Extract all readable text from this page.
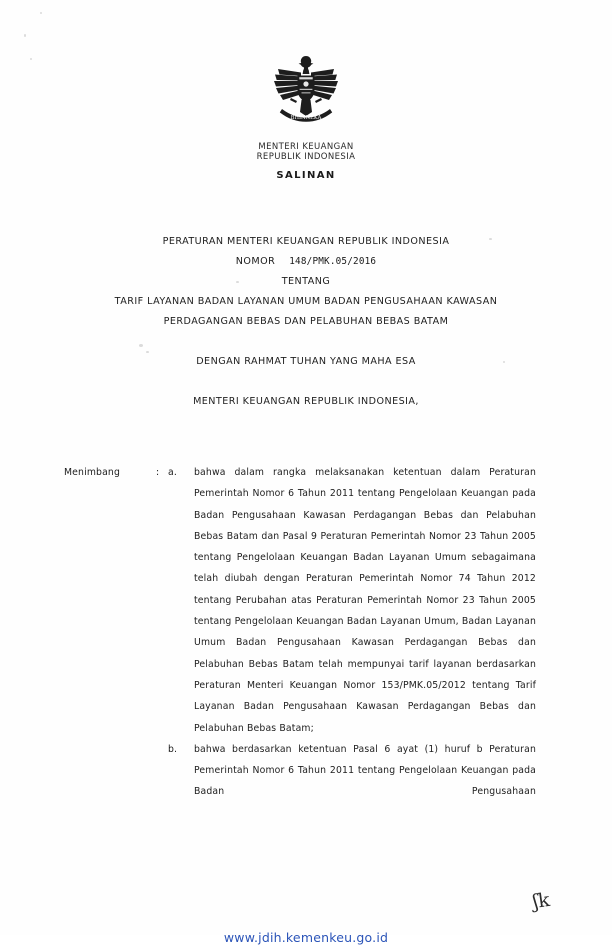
BHINNEKA
MENTERI KEUANGAN
REPUBLIK INDONESIA
SALINAN
PERATURAN MENTERI KEUANGAN REPUBLIK INDONESIA
NOMOR 148/PMK.05/2016
TENTANG
TARIF LAYANAN BADAN LAYANAN UMUM BADAN PENGUSAHAAN KAWASAN
PERDAGANGAN BEBAS DAN PELABUHAN BEBAS BATAM
DENGAN RAHMAT TUHAN YANG MAHA ESA
MENTERI KEUANGAN REPUBLIK INDONESIA,
Menimbang	: a.	bahwa dalam rangka melaksanakan ketentuan dalam Peraturan Pemerintah Nomor 6 Tahun 2011 tentang Pengelolaan Keuangan pada Badan Pengusahaan Kawasan Perdagangan Bebas dan Pelabuhan Bebas Batam dan Pasal 9 Peraturan Pemerintah Nomor 23 Tahun 2005 tentang Pengelolaan Keuangan Badan Layanan Umum sebagaimana telah diubah dengan Peraturan Pemerintah Nomor 74 Tahun 2012 tentang Perubahan atas Peraturan Pemerintah Nomor 23 Tahun 2005 tentang Pengelolaan Keuangan Badan Layanan Umum, Badan Layanan Umum Badan Pengusahaan Kawasan Perdagangan Bebas dan Pelabuhan Bebas Batam telah mempunyai tarif layanan berdasarkan Peraturan Menteri Keuangan Nomor 153/PMK.05/2012 tentang Tarif Layanan Badan Pengusahaan Kawasan Perdagangan Bebas dan Pelabuhan Bebas Batam;
b.	bahwa berdasarkan ketentuan Pasal 6 ayat (1) huruf b Peraturan Pemerintah Nomor 6 Tahun 2011 tentang Pengelolaan Keuangan pada Badan Pengusahaan
ʃk
www.jdih.kemenkeu.go.id
